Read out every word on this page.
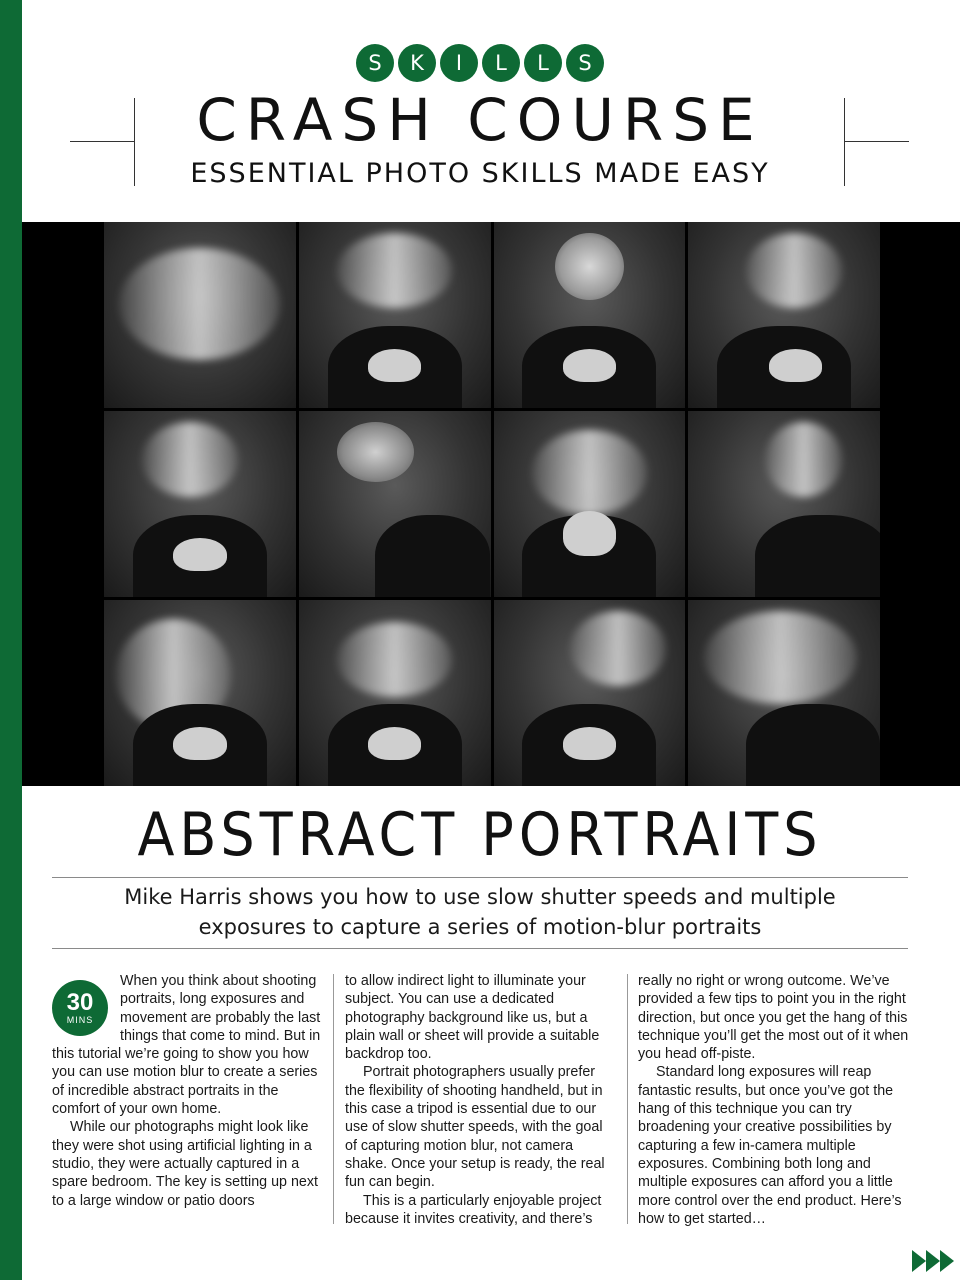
S	K	I	L	L	S
CRASH COURSE

ESSENTIAL PHOTO SKILLS MADE EASY

ABSTRACT PORTRAITS

Mike Harris shows you how to use slow shutter speeds and multiple exposures to capture a series of motion-blur portraits

30
MINS

When you think about shooting portraits, long exposures and movement are probably the last things that come to mind. But in this tutorial we’re going to show you how you can use motion blur to create a series of incredible abstract portraits in the comfort of your own home.

While our photographs might look like they were shot using artificial lighting in a studio, they were actually captured in a spare bedroom. The key is setting up next to a large window or patio doors

to allow indirect light to illuminate your subject. You can use a dedicated photography background like us, but a plain wall or sheet will provide a suitable backdrop too.

Portrait photographers usually prefer the flexibility of shooting handheld, but in this case a tripod is essential due to our use of slow shutter speeds, with the goal of capturing motion blur, not camera shake. Once your setup is ready, the real fun can begin.

This is a particularly enjoyable project because it invites creativity, and there’s

really no right or wrong outcome. We’ve provided a few tips to point you in the right direction, but once you get the hang of this technique you’ll get the most out of it when you head off-piste.

Standard long exposures will reap fantastic results, but once you’ve got the hang of this technique you can try broadening your creative possibilities by capturing a few in-camera multiple exposures. Combining both long and multiple exposures can afford you a little more control over the end product. Here’s how to get started…
